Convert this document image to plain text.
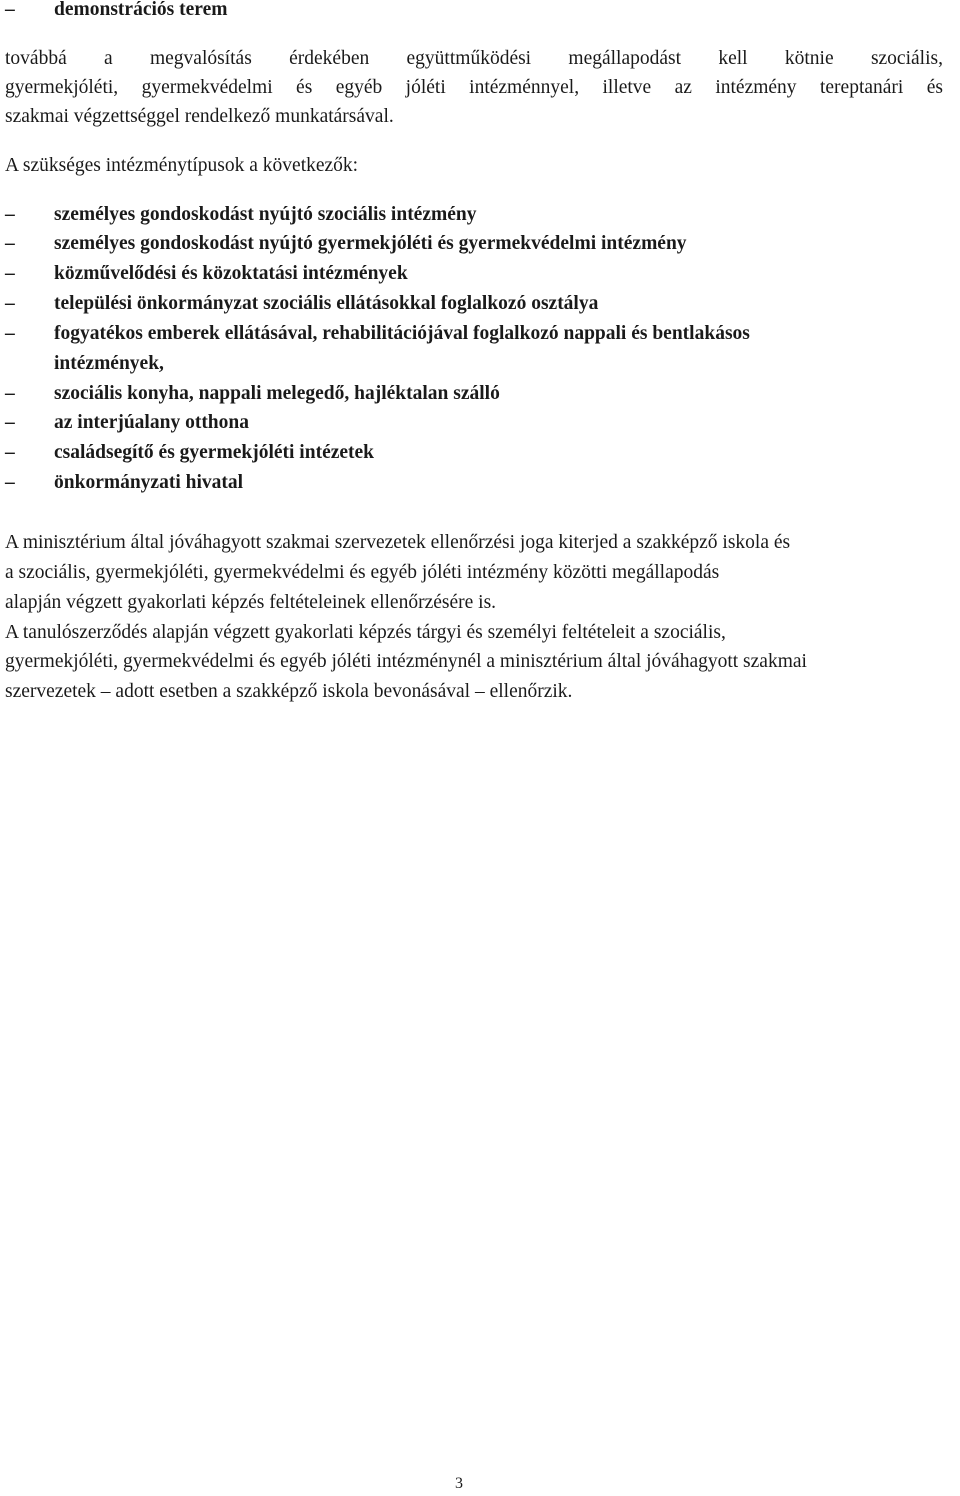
– demonstrációs terem
továbbá a megvalósítás érdekében együttműködési megállapodást kell kötnie szociális,
gyermekjóléti, gyermekvédelmi és egyéb jóléti intézménnyel, illetve az intézmény tereptanári és
szakmai végzettséggel rendelkező munkatársával.
A szükséges intézménytípusok a következők:
– személyes gondoskodást nyújtó szociális intézmény
– személyes gondoskodást nyújtó gyermekjóléti és gyermekvédelmi intézmény
– közművelődési és közoktatási intézmények
– települési önkormányzat szociális ellátásokkal foglalkozó osztálya
– fogyatékos emberek ellátásával, rehabilitációjával foglalkozó nappali és bentlakásos
intézmények,
– szociális konyha, nappali melegedő, hajléktalan szálló
– az interjúalany otthona
– családsegítő és gyermekjóléti intézetek
– önkormányzati hivatal
A minisztérium által jóváhagyott szakmai szervezetek ellenőrzési joga kiterjed a szakképző iskola és
a szociális, gyermekjóléti, gyermekvédelmi és egyéb jóléti intézmény közötti megállapodás
alapján végzett gyakorlati képzés feltételeinek ellenőrzésére is.
A tanulószerződés alapján végzett gyakorlati képzés tárgyi és személyi feltételeit a szociális,
gyermekjóléti, gyermekvédelmi és egyéb jóléti intézménynél a minisztérium által jóváhagyott szakmai
szervezetek – adott esetben a szakképző iskola bevonásával – ellenőrzik.
3
